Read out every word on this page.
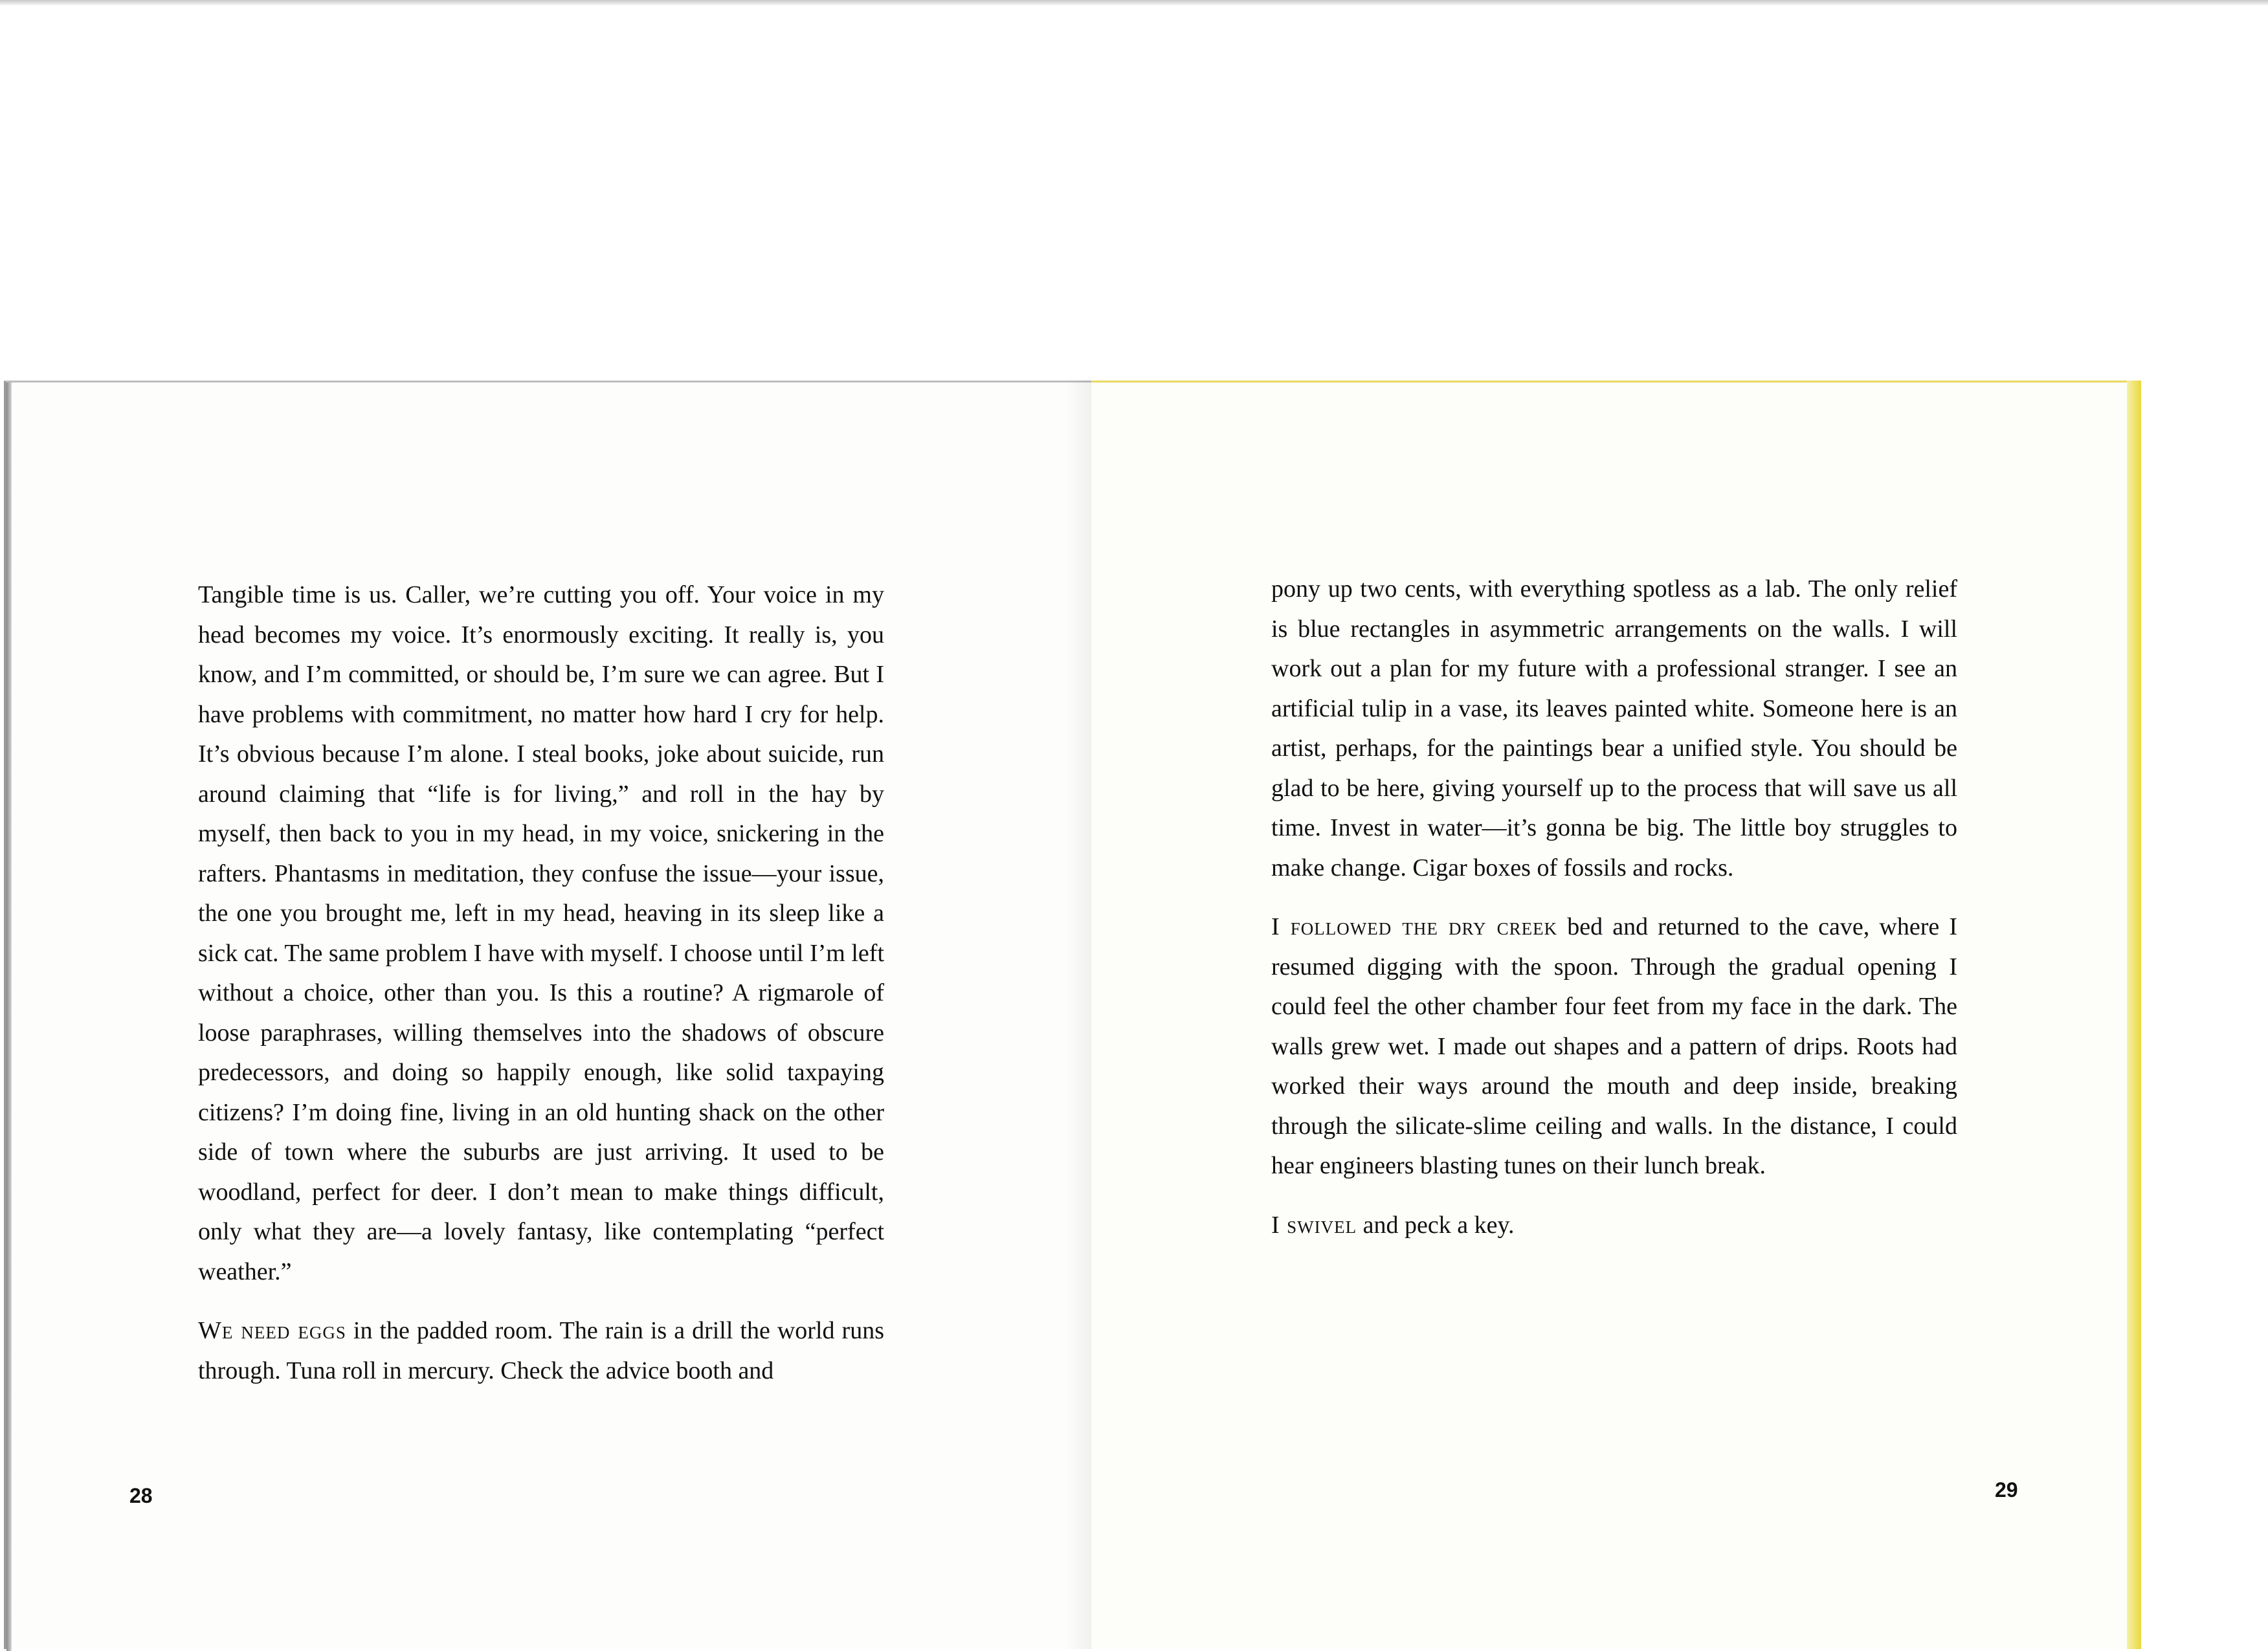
Tangible time is us. Caller, we’re cutting you off. Your voice in my head becomes my voice. It’s enormously exciting. It really is, you know, and I’m committed, or should be, I’m sure we can agree. But I have problems with commitment, no matter how hard I cry for help. It’s obvious because I’m alone. I steal books, joke about suicide, run around claiming that “life is for living,” and roll in the hay by myself, then back to you in my head, in my voice, snickering in the rafters. Phantasms in meditation, they confuse the issue—your issue, the one you brought me, left in my head, heaving in its sleep like a sick cat. The same problem I have with myself. I choose until I’m left without a choice, other than you. Is this a routine? A rigmarole of loose paraphrases, willing themselves into the shadows of obscure predecessors, and doing so happily enough, like solid taxpaying citizens? I’m doing fine, living in an old hunting shack on the other side of town where the suburbs are just arriving. It used to be woodland, perfect for deer. I don’t mean to make things difficult, only what they are—a lovely fantasy, like contemplating “perfect weather.”

We need eggs in the padded room. The rain is a drill the world runs through. Tuna roll in mercury. Check the advice booth and

28

pony up two cents, with everything spotless as a lab. The only relief is blue rectangles in asymmetric arrangements on the walls. I will work out a plan for my future with a professional stranger. I see an artificial tulip in a vase, its leaves painted white. Someone here is an artist, perhaps, for the paintings bear a unified style. You should be glad to be here, giving yourself up to the process that will save us all time. Invest in water—it’s gonna be big. The little boy struggles to make change. Cigar boxes of fossils and rocks.

I followed the dry creek bed and returned to the cave, where I resumed digging with the spoon. Through the gradual opening I could feel the other chamber four feet from my face in the dark. The walls grew wet. I made out shapes and a pattern of drips. Roots had worked their ways around the mouth and deep inside, breaking through the silicate-slime ceiling and walls. In the distance, I could hear engineers blasting tunes on their lunch break.

I swivel and peck a key.

29
